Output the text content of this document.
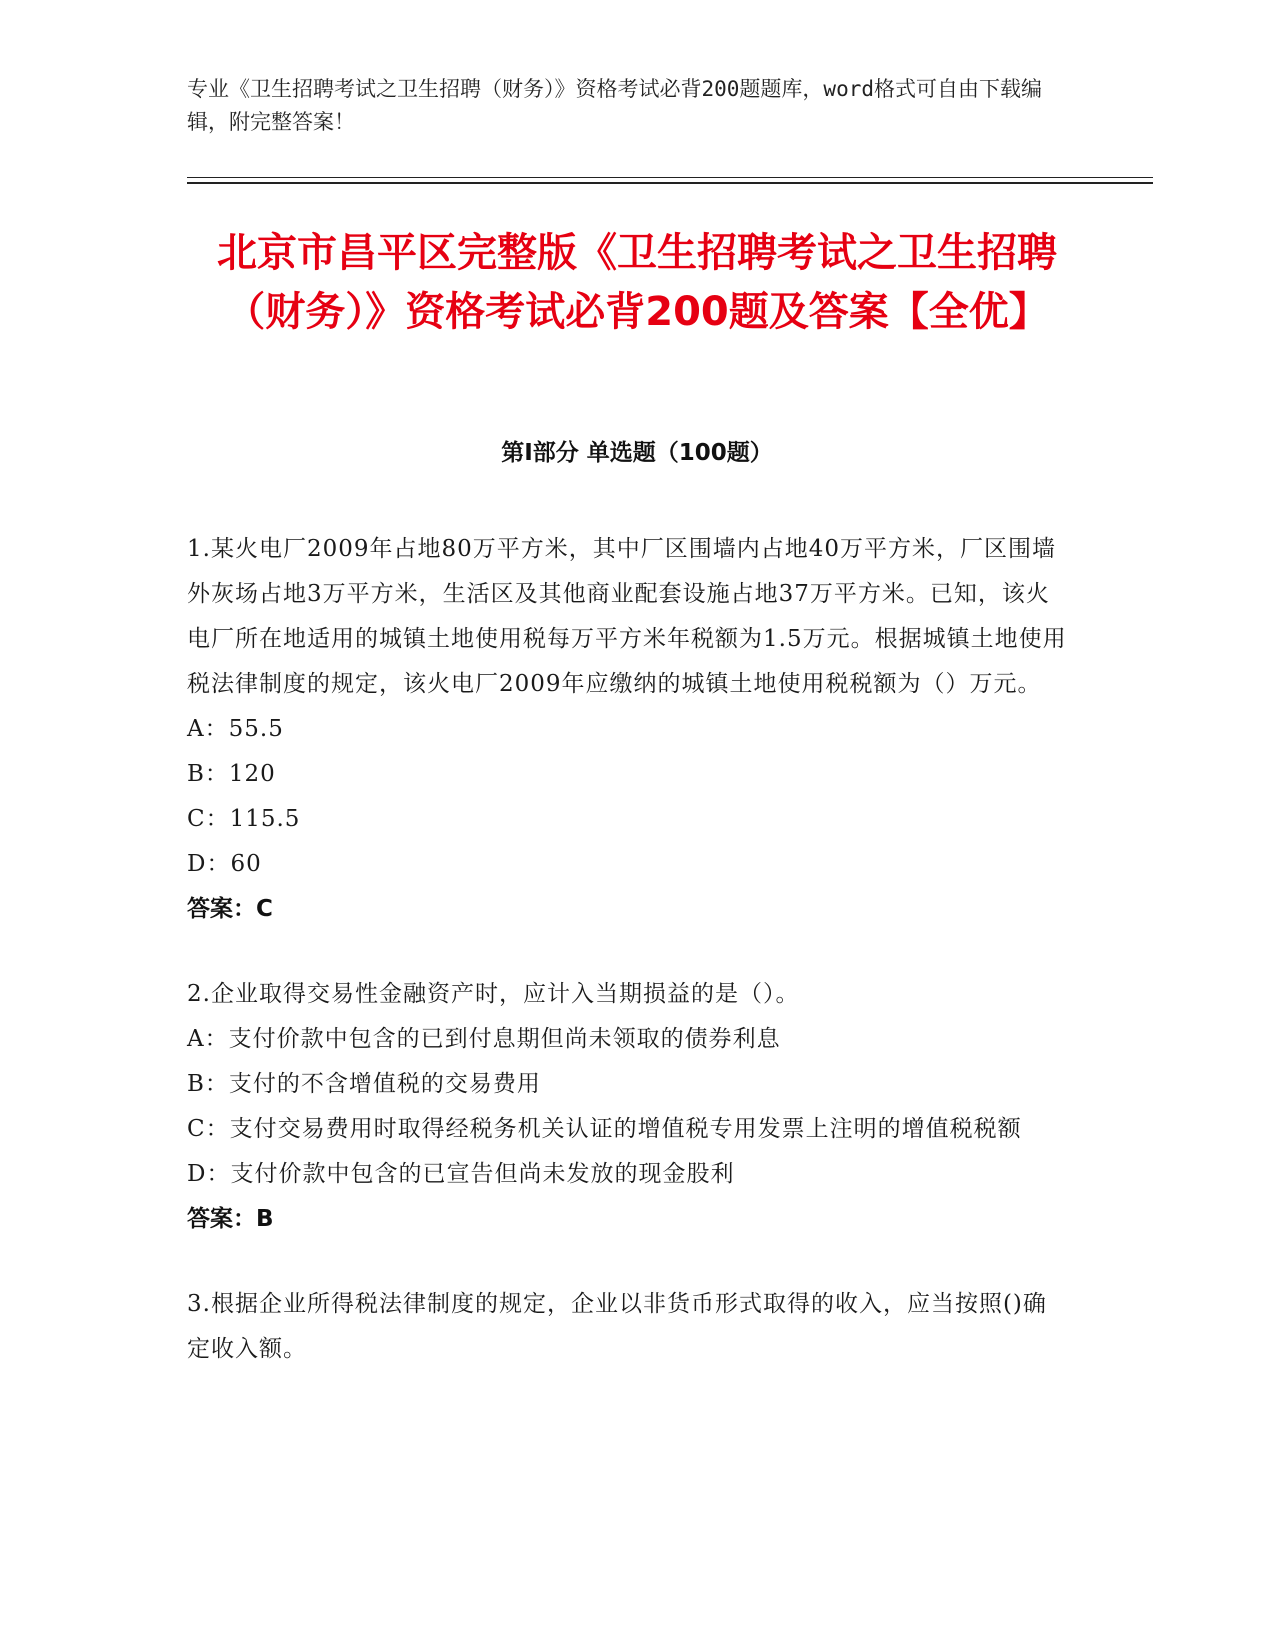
专业《卫生招聘考试之卫生招聘（财务）》资格考试必背200题题库，word格式可自由下载编辑，附完整答案！
北京市昌平区完整版《卫生招聘考试之卫生招聘（财务）》资格考试必背200题及答案【全优】
第I部分 单选题（100题）
1.某火电厂2009年占地80万平方米，其中厂区围墙内占地40万平方米，厂区围墙外灰场占地3万平方米，生活区及其他商业配套设施占地37万平方米。已知，该火电厂所在地适用的城镇土地使用税每万平方米年税额为1.5万元。根据城镇土地使用税法律制度的规定，该火电厂2009年应缴纳的城镇土地使用税税额为（）万元。
A：55.5
B：120
C：115.5
D：60
答案：C
2.企业取得交易性金融资产时，应计入当期损益的是（）。
A：支付价款中包含的已到付息期但尚未领取的债券利息
B：支付的不含增值税的交易费用
C：支付交易费用时取得经税务机关认证的增值税专用发票上注明的增值税税额
D：支付价款中包含的已宣告但尚未发放的现金股利
答案：B
3.根据企业所得税法律制度的规定，企业以非货币形式取得的收入，应当按照()确定收入额。
